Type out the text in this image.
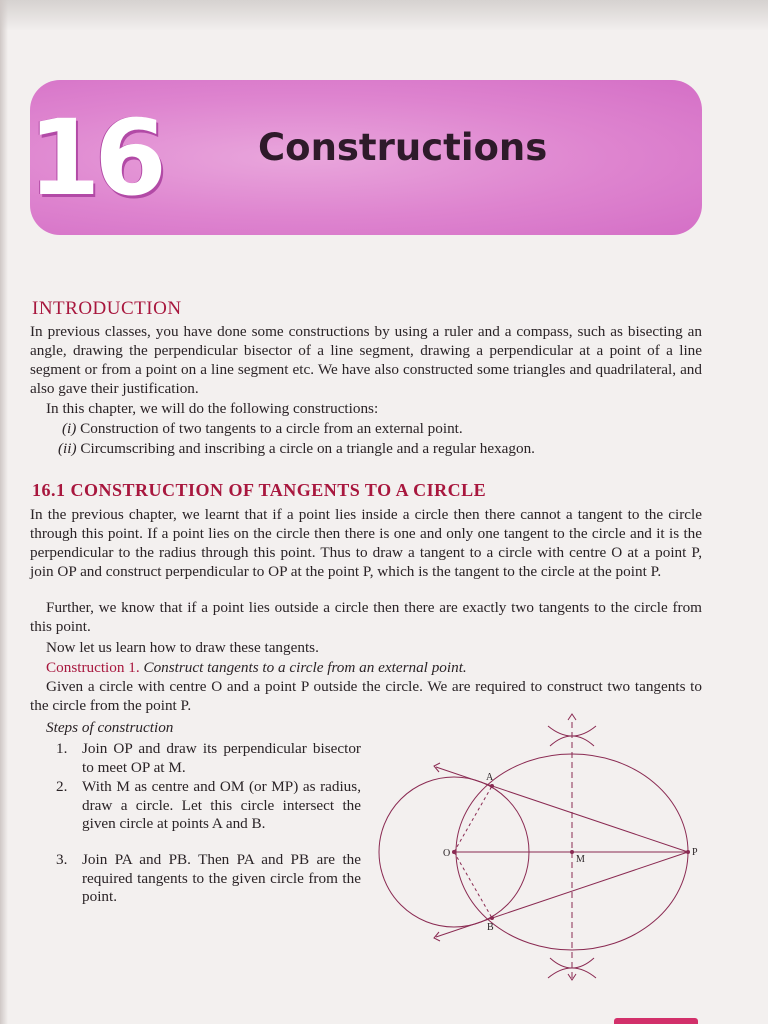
16	Constructions
INTRODUCTION
In previous classes, you have done some constructions by using a ruler and a compass, such as bisecting an angle, drawing the perpendicular bisector of a line segment, drawing a perpendicular at a point of a line segment or from a point on a line segment etc. We have also constructed some triangles and quadrilateral, and also gave their justification.
In this chapter, we will do the following constructions:
(i) Construction of two tangents to a circle from an external point.
(ii) Circumscribing and inscribing a circle on a triangle and a regular hexagon.
16.1 CONSTRUCTION OF TANGENTS TO A CIRCLE
In the previous chapter, we learnt that if a point lies inside a circle then there cannot a tangent to the circle through this point. If a point lies on the circle then there is one and only one tangent to the circle and it is the perpendicular to the radius through this point. Thus to draw a tangent to a circle with centre O at a point P, join OP and construct perpendicular to OP at the point P, which is the tangent to the circle at the point P.
Further, we know that if a point lies outside a circle then there are exactly two tangents to the circle from this point.
Now let us learn how to draw these tangents.
Construction 1. Construct tangents to a circle from an external point.
Given a circle with centre O and a point P outside the circle. We are required to construct two tangents to the circle from the point P.
Steps of construction
1. Join OP and draw its perpendicular bisector to meet OP at M.
2. With M as centre and OM (or MP) as radius, draw a circle. Let this circle intersect the given circle at points A and B.
3. Join PA and PB. Then PA and PB are the required tangents to the given circle from the point.
A
B
O
M
P
